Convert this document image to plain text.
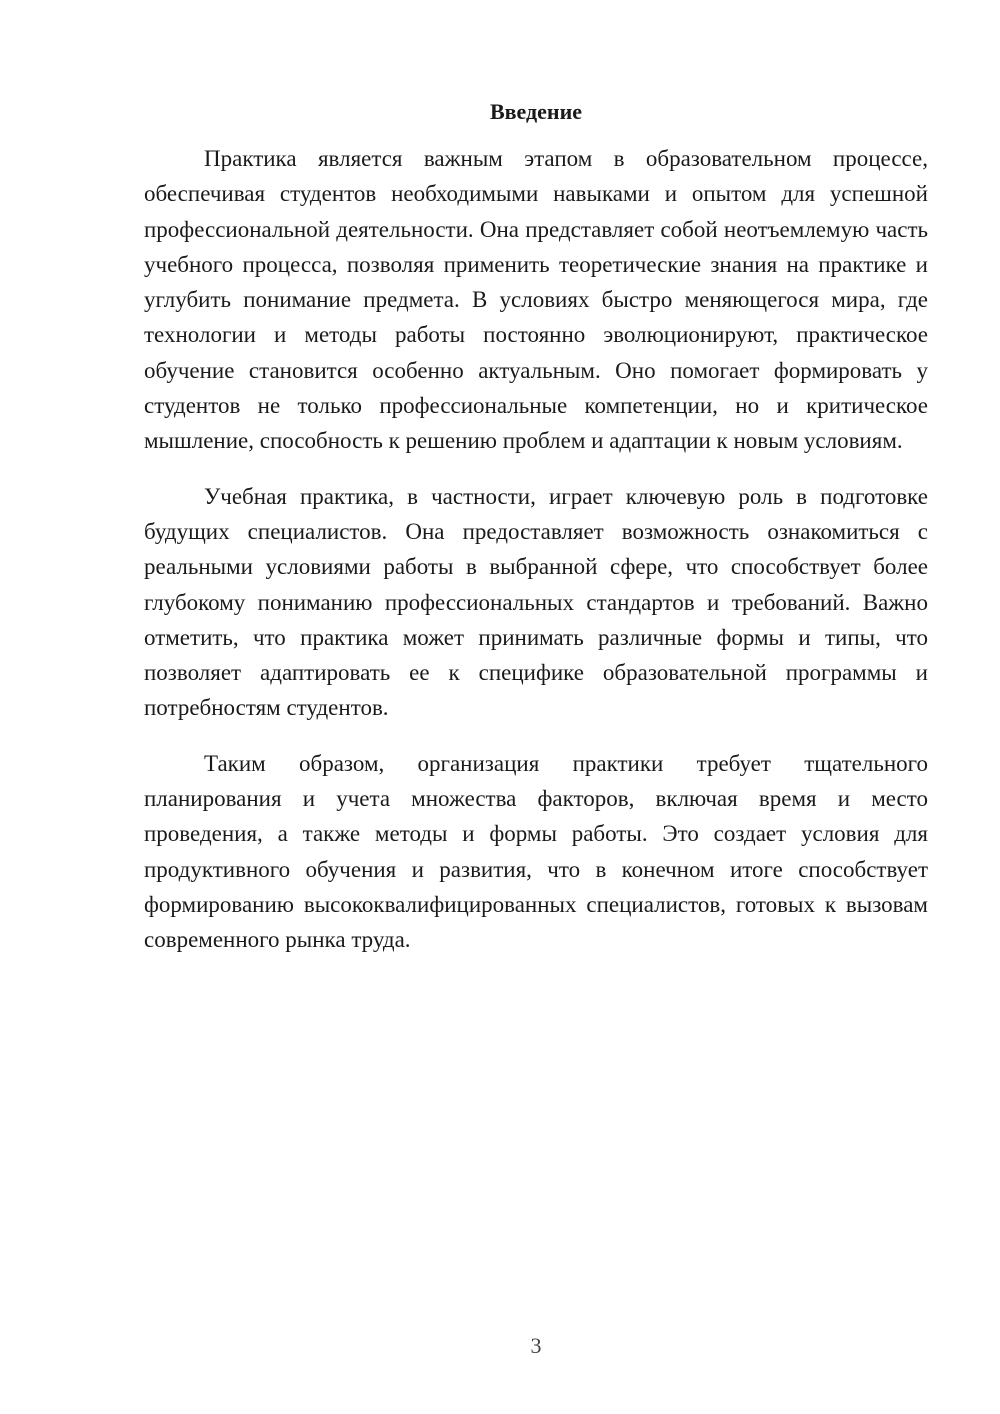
Введение

Практика является важным этапом в образовательном процессе, обеспечивая студентов необходимыми навыками и опытом для успешной профессиональной деятельности. Она представляет собой неотъемлемую часть учебного процесса, позволяя применить теоретические знания на практике и углубить понимание предмета. В условиях быстро меняющегося мира, где технологии и методы работы постоянно эволюционируют, практическое обучение становится особенно актуальным. Оно помогает формировать у студентов не только профессиональные компетенции, но и критическое мышление, способность к решению проблем и адаптации к новым условиям.

Учебная практика, в частности, играет ключевую роль в подготовке будущих специалистов. Она предоставляет возможность ознакомиться с реальными условиями работы в выбранной сфере, что способствует более глубокому пониманию профессиональных стандартов и требований. Важно отметить, что практика может принимать различные формы и типы, что позволяет адаптировать ее к специфике образовательной программы и потребностям студентов.

Таким образом, организация практики требует тщательного планирования и учета множества факторов, включая время и место проведения, а также методы и формы работы. Это создает условия для продуктивного обучения и развития, что в конечном итоге способствует формированию высококвалифицированных специалистов, готовых к вызовам современного рынка труда.

3
